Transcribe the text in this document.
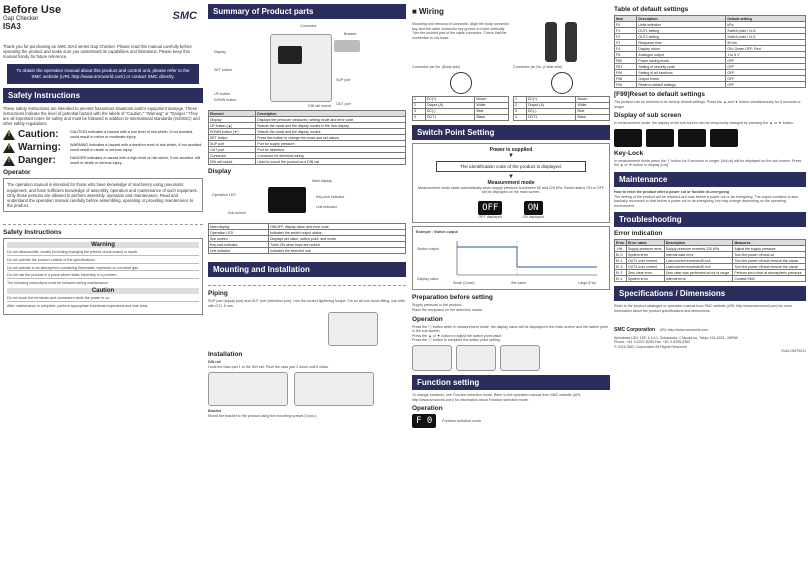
Before Use
Gap Checker
ISA3
SMC
Thank you for purchasing an SMC ISA3 series Gap Checker. Please read this manual carefully before operating the product and make sure you understand its capabilities and limitations. Please keep this manual handy for future reference.
To obtain the operation manual about this product and control unit, please refer to the SMC website (URL http://www.smcworld.com) or contact SMC directly.
Safety Instructions
These safety instructions are intended to prevent hazardous situations and/or equipment damage. These instructions indicate the level of potential hazard with the labels of "Caution," "Warning" or "Danger." They are all important notes for safety and must be followed in addition to International standards (ISO/IEC) and other safety regulations.
!
Caution:	CAUTION indicates a hazard with a low level of risk which, if not avoided, could result in minor or moderate injury.
!
Warning:	WARNING indicates a hazard with a medium level of risk which, if not avoided, could result in death or serious injury.
!
Danger:	DANGER indicates a hazard with a high level of risk which, if not avoided, will result in death or serious injury.
Operator
The operation manual is intended for those who have knowledge of machinery using pneumatic equipment, and have sufficient knowledge of assembly, operation and maintenance of such equipment. Only those persons are allowed to perform assembly, operation and maintenance. Read and understand the operation manual carefully before assembling, operating or providing maintenance to the product.
Safety Instructions
Warning
Do not disassemble, modify (including changing the printed circuit board) or repair.
Do not operate the product outside of the specifications.
Do not operate in an atmosphere containing flammable, explosive or corrosive gas.
Do not use the product in a place where static electricity is a problem.
The following instructions must be followed during maintenance.
Caution
Do not touch the terminals and connectors while the power is on.
After maintenance is complete, perform appropriate functional inspections and leak tests.
Summary of Product parts
Display
UP button
DOWN button
SET button
SUP port
OUT port
Connector
Bracket
DIN rail mount
Element	Description
Display	Displays the pressure measured, setting mode and error code.
UP button (▲)	Selects the mode and the display modes in the Sub display.
DOWN button (▼)	Selects the mode and the display modes.
SET button	Press this button to change the mode and set values.
SUP port	Port for supply pressure.
OUT port	Port for detection.
Connector	Connector for electrical wiring.
DIN rail mount	Used to mount the product on a DIN rail.
Display
Main display
Operation LED
Sub screen
Key-lock indicator
Unit indicator
Main display	ON/OFF, display value and error code.
Operation LED	Indicates the switch output status.
Sub screen	Displays set value, switch point, and mode.
Key-lock indicator	Turns ON when keys are locked.
Unit indicator	Indicates the selected unit.
Mounting and Installation
Piping
SUP port (supply port) and OUT port (detection port). Use the correct tightening torque. For an all-one-touch fitting, use tube with O.D. 6 mm.
Installation
DIN rail
Hook the claw part 1 to the DIN rail. Push the claw part 2 down until it clicks.
Bracket
Mount the bracket to the product using the mounting screws (3 pcs.).
■ Wiring
Mounting and removal of connector. Align the body connector key and the cable connector key groove to insert vertically. Turn the knurled part of the cable connector. Check that the connection is not loose.
Connector pin No. (Body side)	Connector pin No. (Cable side)
1	DC(+)	Brown
2	Output (A)	White
3	DC(-)	Blue
4	OUT1	Black
1	DC(+)	Brown
2	Output (A)	White
3	DC(-)	Blue
4	OUT1	Black
Switch Point Setting
Power is supplied
▼
The identification code of the product is displayed.
▼
Measurement mode
Measurement mode starts automatically when supply pressure is between 80 and 220 kPa. Switch status ON or OFF will be displayed on the main screen.
OFF
OFF displayed
ON
ON displayed
Example : Switch output
Switch output
Display value
Small (Close)	Set value	Large (Far)
Preparation before setting
Supply pressure to the product.
Place the workpiece on the detection nozzle.
Operation
Press the ⓢ button while in measurement mode, the display value will be displayed in the main screen and the switch point in the sub screen.
Press the ▲ or ▼ button to adjust the switch point value.
Press the ⓢ button to complete the switch point setting.
Function setting
To change functions, use Function selection mode. Refer to the operation manual from SMC website (URL http://www.smcworld.com) for information about Function selection mode.
Operation
F 0	Function selection mode
Table of default settings
Item	Description	Default setting
F0	Units selection	kPa
F1	OUT1 setting	Switch point / N.O.
F2	OUT2 setting	Switch point / N.O.
F3	Response time	50 ms
F4	Display colour	ON: Green OFF: Red
F5	Analogue output	1 to 5 V
F80	Power saving mode	OFF
F81	Setting of security code	OFF
F90	Setting of all functions	OFF
F98	Output check	OFF
F99	Reset to default settings	OFF
[F99]Reset to default settings
The product can be returned to its factory default settings. Press the ▲ and ▼ button simultaneously for 5 seconds or longer.
Display of sub screen
In measurement mode, the display of the sub screen can be temporarily changed by pressing the ▲ or ▼ button.
Key-Lock
In measurement mode press the ⓢ button for 5 seconds or longer. [UnLoc] will be displayed on the sub screen. Press the ▲ or ▼ button to display [Loc].
Maintenance
How to reset the product after a power cut or forcible de-energizing
The setting of the product will be retained as it was before a power cut or de-energizing. The output condition is also basically recovered to that before a power cut or de-energizing, but may change depending on the operating environment.
Troubleshooting
Error indication
Error	Error name	Description	Measures
-HH-	Supply pressure error	Supply pressure exceeds 220 kPa	Adjust the supply pressure
Er 0	System error	Internal data error	Turn the power off and on
Er 1	OUT1 over current	Load current exceeds 80 mA	Turn the power off and remove the cause
Er 2	OUT2 over current	Load current exceeds 80 mA	Turn the power off and remove the cause
Er 3	Zero clear error	Zero clear was performed at out of range	Perform zero clear at atmospheric pressure
Er 4	System error	Internal error	Contact SMC
Specifications / Dimensions
Refer to the product catalogue or operation manual from SMC website (URL http://www.smcworld.com) for more information about the product specifications and dimensions.
SMC Corporation URL http://www.smcworld.com
Akihabara UDX 15F, 4-14-1, Sotokanda, Chiyoda-ku, Tokyo 101-0021, JAPAN
Phone: +81 3-5207-8249 Fax: +81 3-5298-5362
© 2016 SMC Corporation All Rights Reserved
ISA3-OMT0011
